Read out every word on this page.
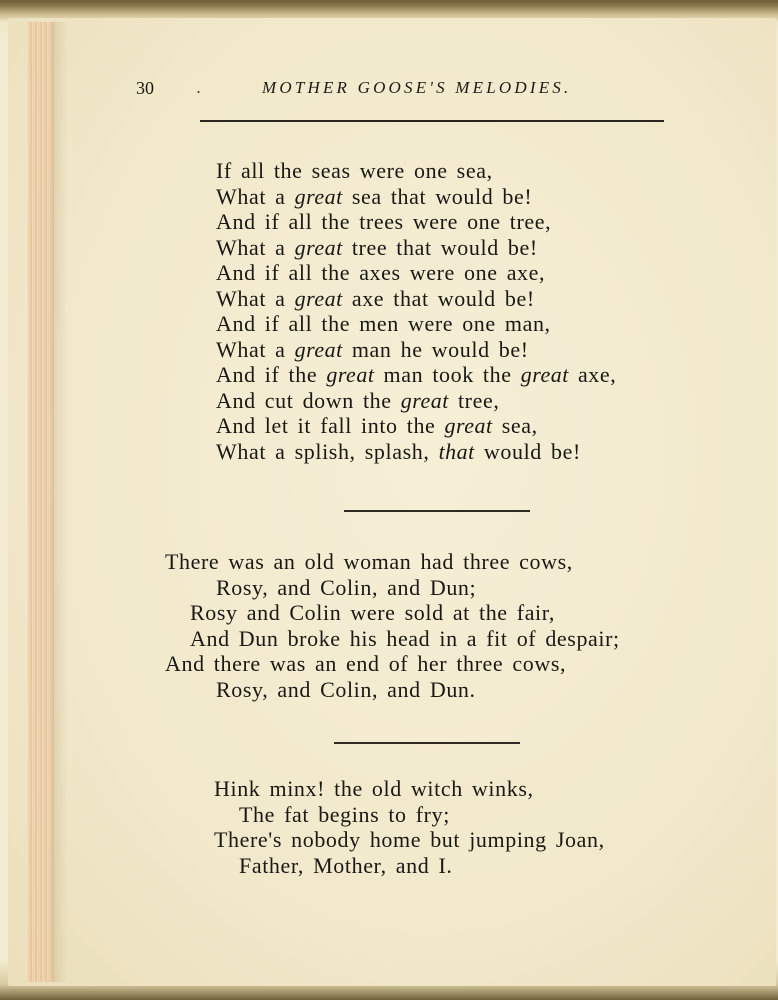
30	.	MOTHER GOOSE'S MELODIES.
If all the seas were one sea,
What a great sea that would be!
And if all the trees were one tree,
What a great tree that would be!
And if all the axes were one axe,
What a great axe that would be!
And if all the men were one man,
What a great man he would be!
And if the great man took the great axe,
And cut down the great tree,
And let it fall into the great sea,
What a splish, splash, that would be!
There was an old woman had three cows,
Rosy, and Colin, and Dun;
Rosy and Colin were sold at the fair,
And Dun broke his head in a fit of despair;
And there was an end of her three cows,
Rosy, and Colin, and Dun.
Hink minx! the old witch winks,
The fat begins to fry;
There's nobody home but jumping Joan,
Father, Mother, and I.
